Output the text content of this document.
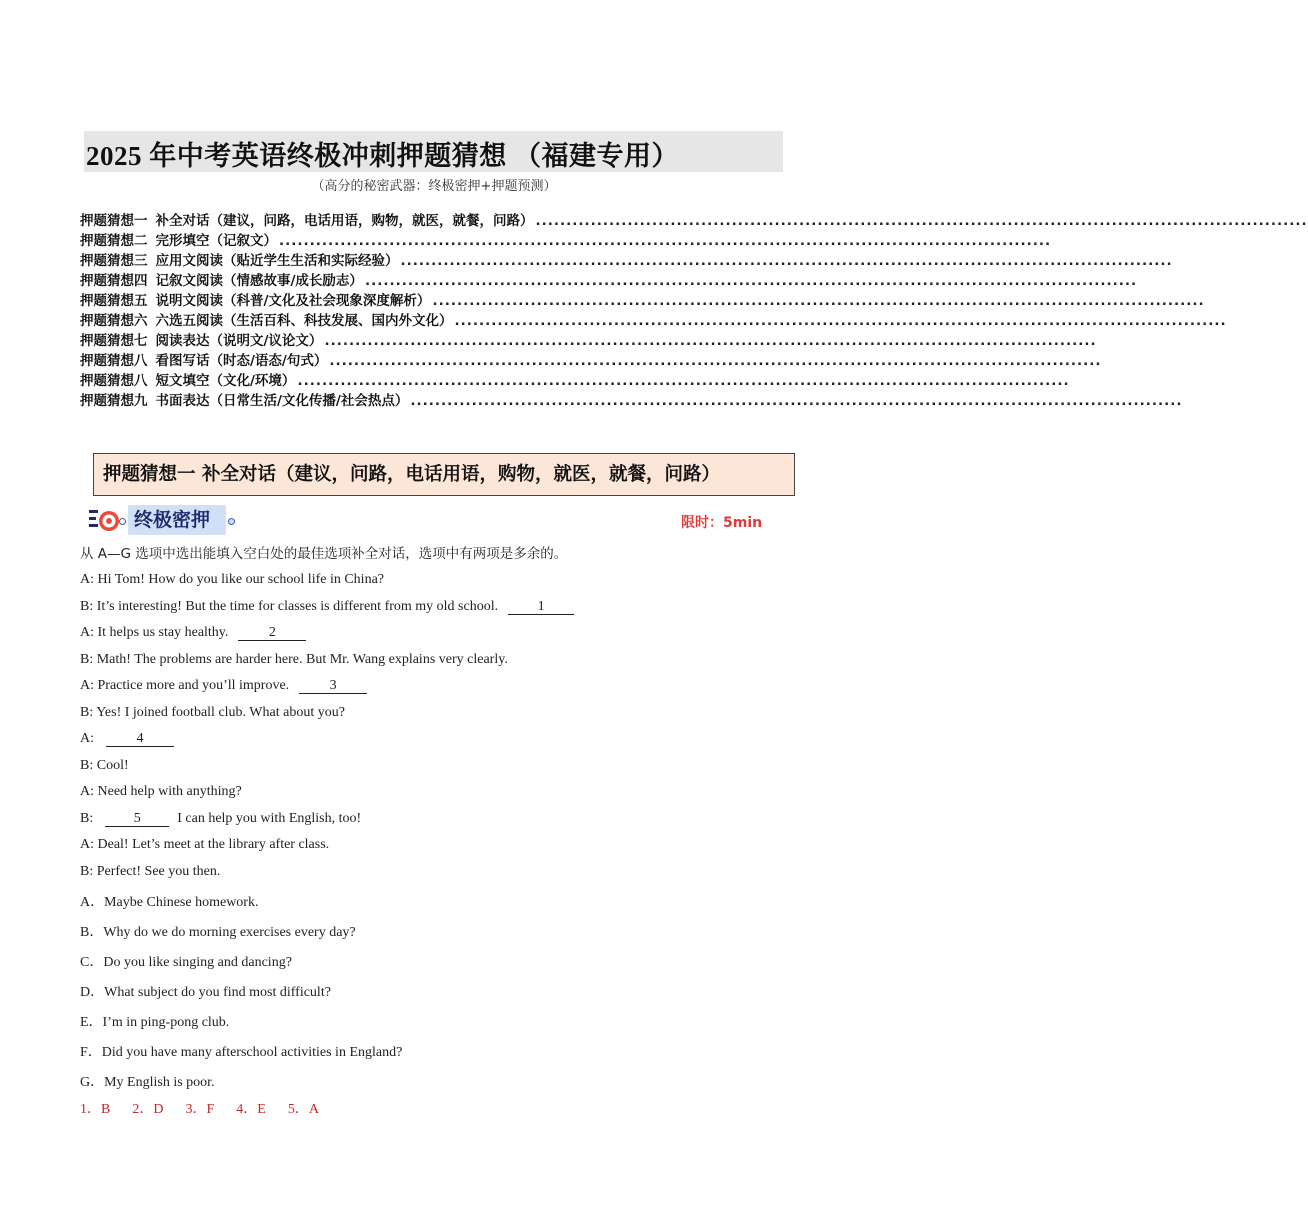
2025 年中考英语终极冲刺押题猜想 （福建专用）
（高分的秘密武器：终极密押+押题预测）
押题猜想一 补全对话（建议，问路，电话用语，购物，就医，就餐，问路） ..............................................................................................................................
押题猜想二 完形填空（记叙文） ..............................................................................................................................
押题猜想三 应用文阅读（贴近学生生活和实际经验） ..............................................................................................................................
押题猜想四 记叙文阅读（情感故事/成长励志） ..............................................................................................................................
押题猜想五 说明文阅读（科普/文化及社会现象深度解析） ..............................................................................................................................
押题猜想六 六选五阅读（生活百科、科技发展、国内外文化） ..............................................................................................................................
押题猜想七 阅读表达（说明文/议论文） ..............................................................................................................................
押题猜想八 看图写话（时态/语态/句式） ..............................................................................................................................
押题猜想八 短文填空（文化/环境） ..............................................................................................................................
押题猜想九 书面表达（日常生活/文化传播/社会热点） ..............................................................................................................................
押题猜想一 补全对话（建议，问路，电话用语，购物，就医，就餐，问路）
终极密押	限时：5min
从 A—G 选项中选出能填入空白处的最佳选项补全对话，选项中有两项是多余的。
A: Hi Tom! How do you like our school life in China?
B: It’s interesting! But the time for classes is different from my old school.	1
A: It helps us stay healthy.	2
B: Math! The problems are harder here. But Mr. Wang explains very clearly.
A: Practice more and you’ll improve.	3
B: Yes! I joined football club. What about you?
A:	4
B: Cool!
A: Need help with anything?
B:	5	I can help you with English, too!
A: Deal! Let’s meet at the library after class.
B: Perfect! See you then.
A．Maybe Chinese homework.
B．Why do we do morning exercises every day?
C．Do you like singing and dancing?
D．What subject do you find most difficult?
E．I’m in ping-pong club.
F．Did you have many afterschool activities in England?
G．My English is poor.
1．B 2．D 3．F 4．E 5．A
